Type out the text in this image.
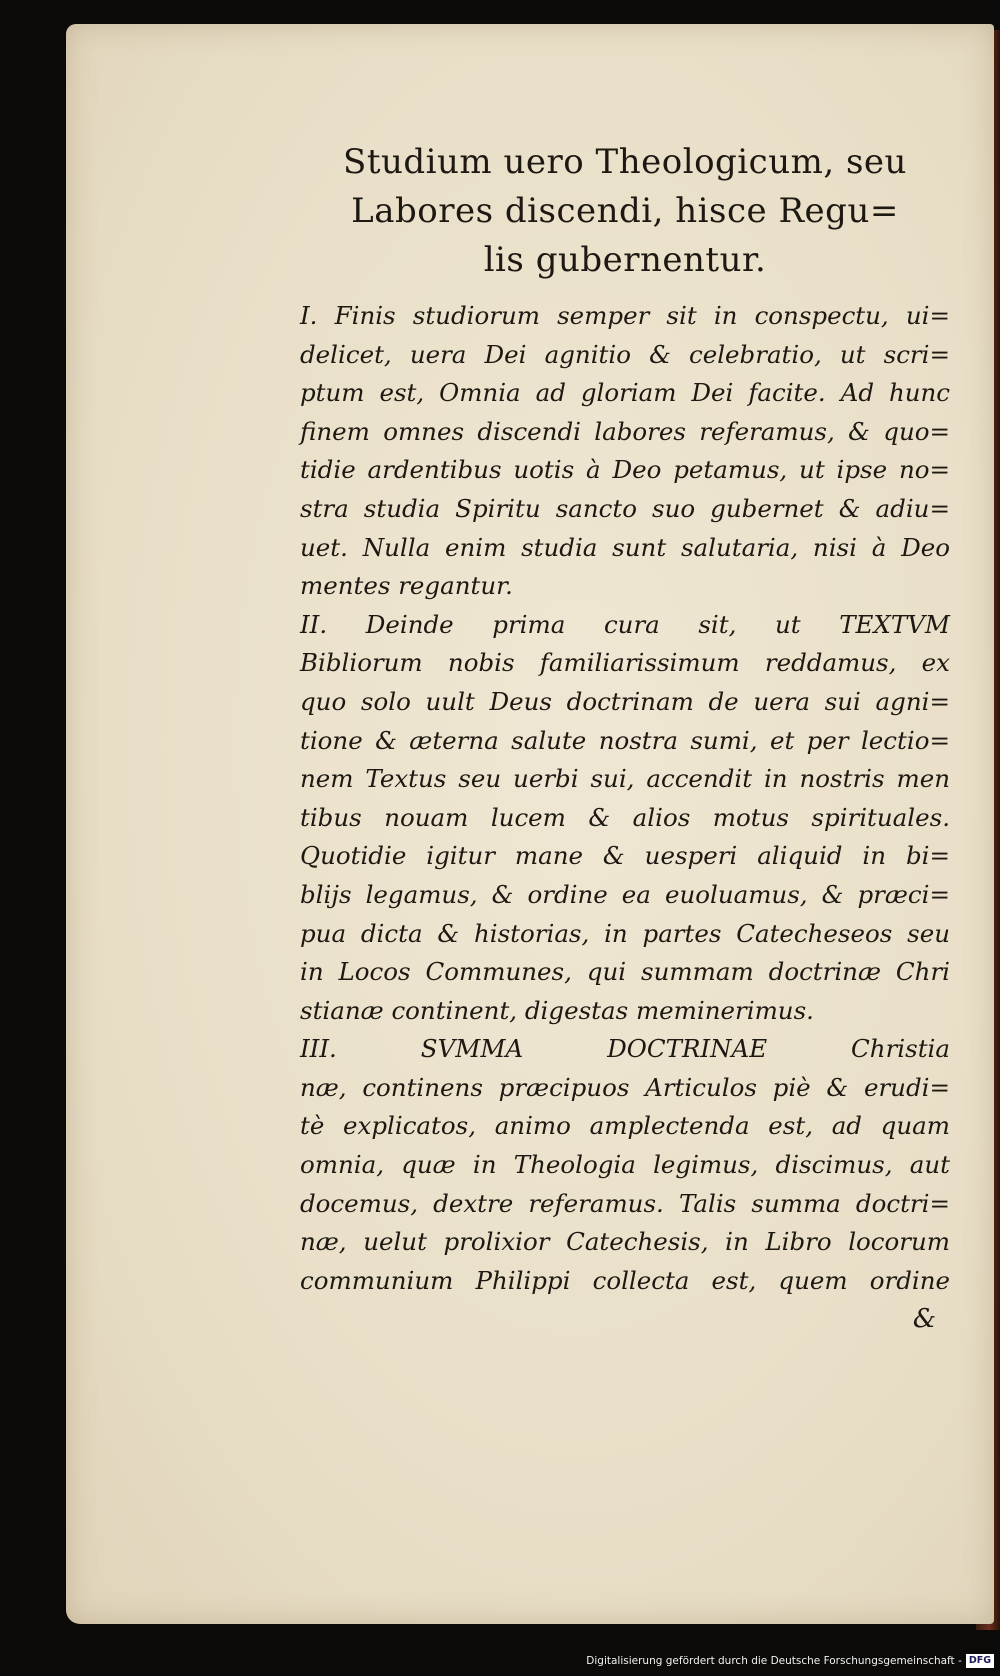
Studium uero Theologicum, seu
Labores discendi, hisce Regu=
lis gubernentur.
I. Finis studiorum semper sit in conspectu, ui=
delicet, uera Dei agnitio & celebratio, ut scri=
ptum est, Omnia ad gloriam Dei facite. Ad hunc
finem omnes discendi labores referamus, & quo=
tidie ardentibus uotis à Deo petamus, ut ipse no=
stra studia Spiritu sancto suo gubernet & adiu=
uet. Nulla enim studia sunt salutaria, nisi à Deo
mentes regantur.
II. Deinde prima cura sit, ut TEXTVM
Bibliorum nobis familiarissimum reddamus, ex
quo solo uult Deus doctrinam de uera sui agni=
tione & æterna salute nostra sumi, et per lectio=
nem Textus seu uerbi sui, accendit in nostris men
tibus nouam lucem & alios motus spirituales.
Quotidie igitur mane & uesperi aliquid in bi=
blijs legamus, & ordine ea euoluamus, & præci=
pua dicta & historias, in partes Catecheseos seu
in Locos Communes, qui summam doctrinæ Chri
stianæ continent, digestas meminerimus.
III. SVMMA DOCTRINAE Christia
næ, continens præcipuos Articulos piè & erudi=
tè explicatos, animo amplectenda est, ad quam
omnia, quæ in Theologia legimus, discimus, aut
docemus, dextre referamus. Talis summa doctri=
næ, uelut prolixior Catechesis, in Libro locorum
communium Philippi collecta est, quem ordine
&
Digitalisierung gefördert durch die Deutsche Forschungsgemeinschaft - DFG
